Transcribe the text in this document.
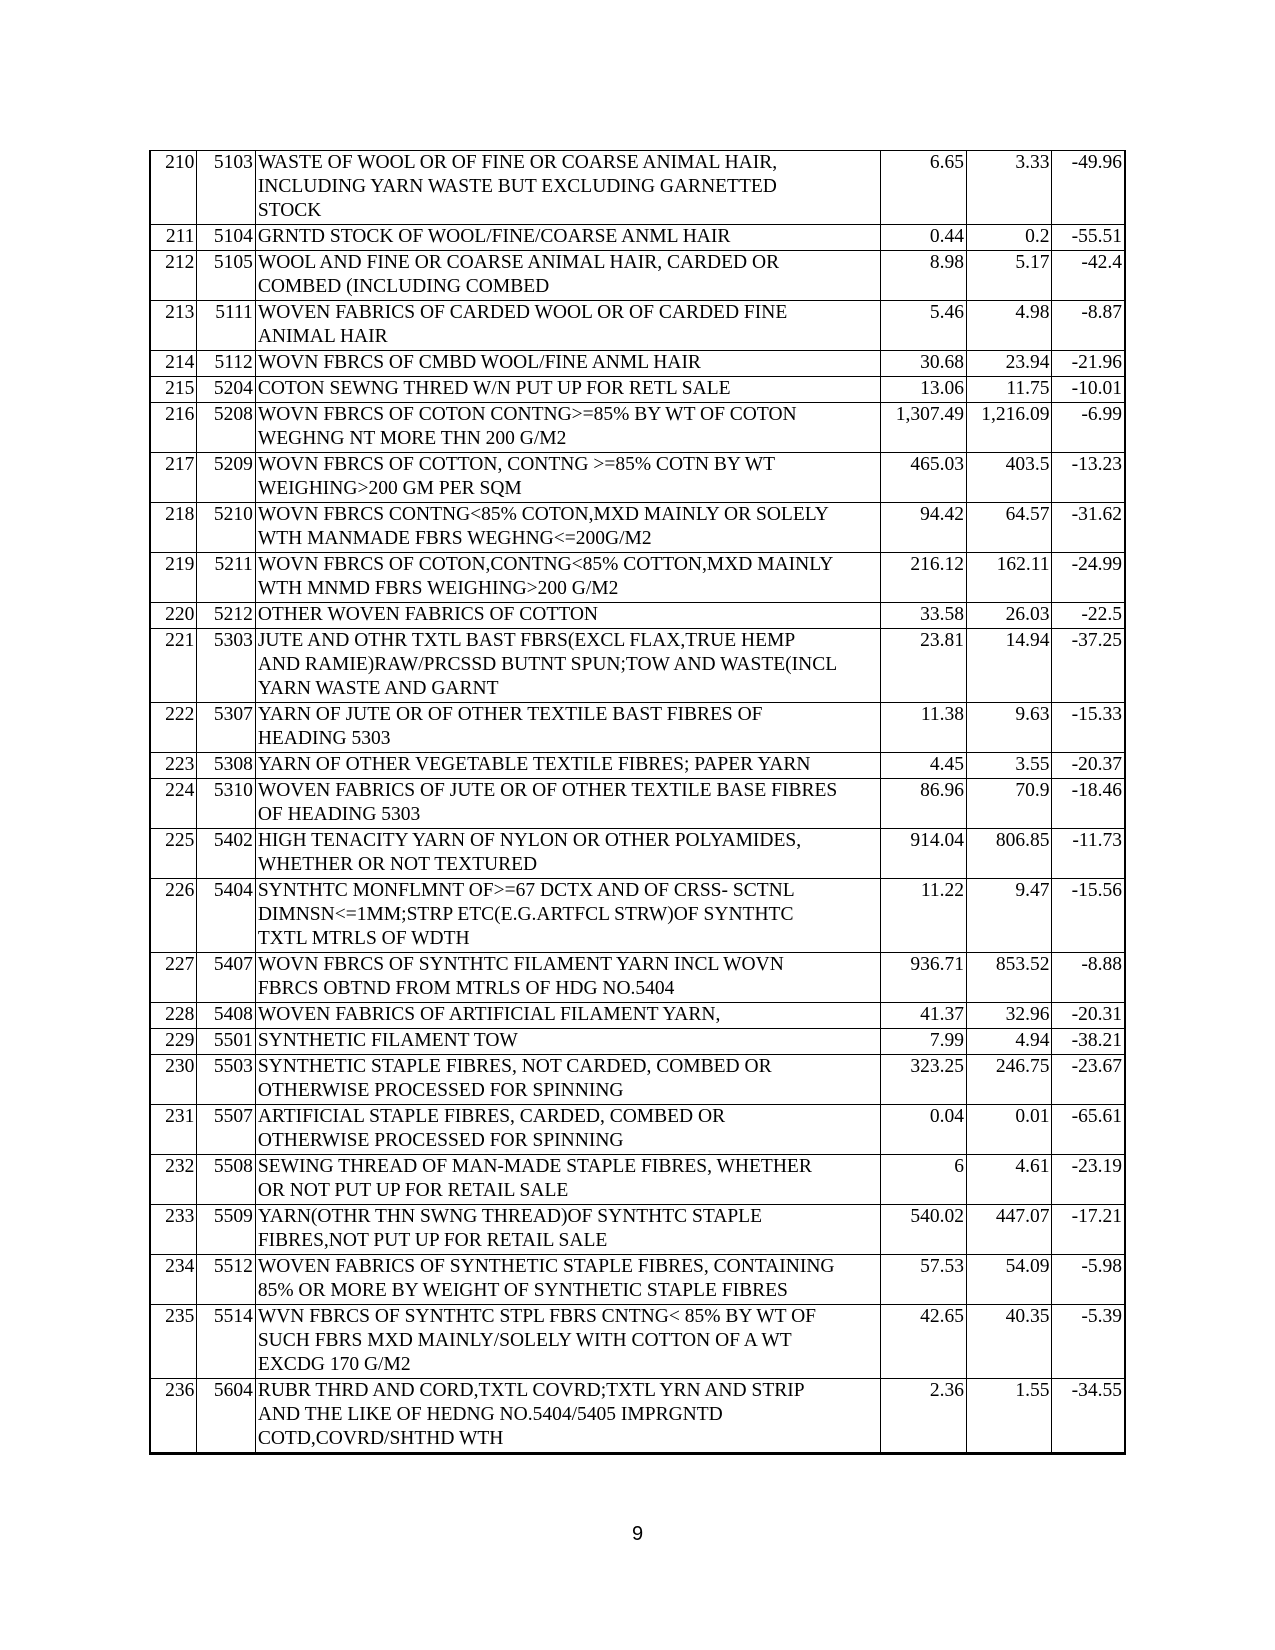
210	5103	WASTE OF WOOL OR OF FINE OR COARSE ANIMAL HAIR,
INCLUDING YARN WASTE BUT EXCLUDING GARNETTED
STOCK	6.65	3.33	-49.96
211	5104	GRNTD STOCK OF WOOL/FINE/COARSE ANML HAIR	0.44	0.2	-55.51
212	5105	WOOL AND FINE OR COARSE ANIMAL HAIR, CARDED OR
COMBED (INCLUDING COMBED	8.98	5.17	-42.4
213	5111	WOVEN FABRICS OF CARDED WOOL OR OF CARDED FINE
ANIMAL HAIR	5.46	4.98	-8.87
214	5112	WOVN FBRCS OF CMBD WOOL/FINE ANML HAIR	30.68	23.94	-21.96
215	5204	COTON SEWNG THRED W/N PUT UP FOR RETL SALE	13.06	11.75	-10.01
216	5208	WOVN FBRCS OF COTON CONTNG>=85% BY WT OF COTON
WEGHNG NT MORE THN 200 G/M2	1,307.49	1,216.09	-6.99
217	5209	WOVN FBRCS OF COTTON, CONTNG >=85% COTN BY WT
WEIGHING>200 GM PER SQM	465.03	403.5	-13.23
218	5210	WOVN FBRCS CONTNG<85% COTON,MXD MAINLY OR SOLELY
WTH MANMADE FBRS WEGHNG<=200G/M2	94.42	64.57	-31.62
219	5211	WOVN FBRCS OF COTON,CONTNG<85% COTTON,MXD MAINLY
WTH MNMD FBRS WEIGHING>200 G/M2	216.12	162.11	-24.99
220	5212	OTHER WOVEN FABRICS OF COTTON	33.58	26.03	-22.5
221	5303	JUTE AND OTHR TXTL BAST FBRS(EXCL FLAX,TRUE HEMP
AND RAMIE)RAW/PRCSSD BUTNT SPUN;TOW AND WASTE(INCL
YARN WASTE AND GARNT	23.81	14.94	-37.25
222	5307	YARN OF JUTE OR OF OTHER TEXTILE BAST FIBRES OF
HEADING 5303	11.38	9.63	-15.33
223	5308	YARN OF OTHER VEGETABLE TEXTILE FIBRES; PAPER YARN	4.45	3.55	-20.37
224	5310	WOVEN FABRICS OF JUTE OR OF OTHER TEXTILE BASE FIBRES
OF HEADING 5303	86.96	70.9	-18.46
225	5402	HIGH TENACITY YARN OF NYLON OR OTHER POLYAMIDES,
WHETHER OR NOT TEXTURED	914.04	806.85	-11.73
226	5404	SYNTHTC MONFLMNT OF>=67 DCTX AND OF CRSS- SCTNL
DIMNSN<=1MM;STRP ETC(E.G.ARTFCL STRW)OF SYNTHTC
TXTL MTRLS OF WDTH	11.22	9.47	-15.56
227	5407	WOVN FBRCS OF SYNTHTC FILAMENT YARN INCL WOVN
FBRCS OBTND FROM MTRLS OF HDG NO.5404	936.71	853.52	-8.88
228	5408	WOVEN FABRICS OF ARTIFICIAL FILAMENT YARN,	41.37	32.96	-20.31
229	5501	SYNTHETIC FILAMENT TOW	7.99	4.94	-38.21
230	5503	SYNTHETIC STAPLE FIBRES, NOT CARDED, COMBED OR
OTHERWISE PROCESSED FOR SPINNING	323.25	246.75	-23.67
231	5507	ARTIFICIAL STAPLE FIBRES, CARDED, COMBED OR
OTHERWISE PROCESSED FOR SPINNING	0.04	0.01	-65.61
232	5508	SEWING THREAD OF MAN-MADE STAPLE FIBRES, WHETHER
OR NOT PUT UP FOR RETAIL SALE	6	4.61	-23.19
233	5509	YARN(OTHR THN SWNG THREAD)OF SYNTHTC STAPLE
FIBRES,NOT PUT UP FOR RETAIL SALE	540.02	447.07	-17.21
234	5512	WOVEN FABRICS OF SYNTHETIC STAPLE FIBRES, CONTAINING
85% OR MORE BY WEIGHT OF SYNTHETIC STAPLE FIBRES	57.53	54.09	-5.98
235	5514	WVN FBRCS OF SYNTHTC STPL FBRS CNTNG< 85% BY WT OF
SUCH FBRS MXD MAINLY/SOLELY WITH COTTON OF A WT
EXCDG 170 G/M2	42.65	40.35	-5.39
236	5604	RUBR THRD AND CORD,TXTL COVRD;TXTL YRN AND STRIP
AND THE LIKE OF HEDNG NO.5404/5405 IMPRGNTD
COTD,COVRD/SHTHD WTH	2.36	1.55	-34.55
9
